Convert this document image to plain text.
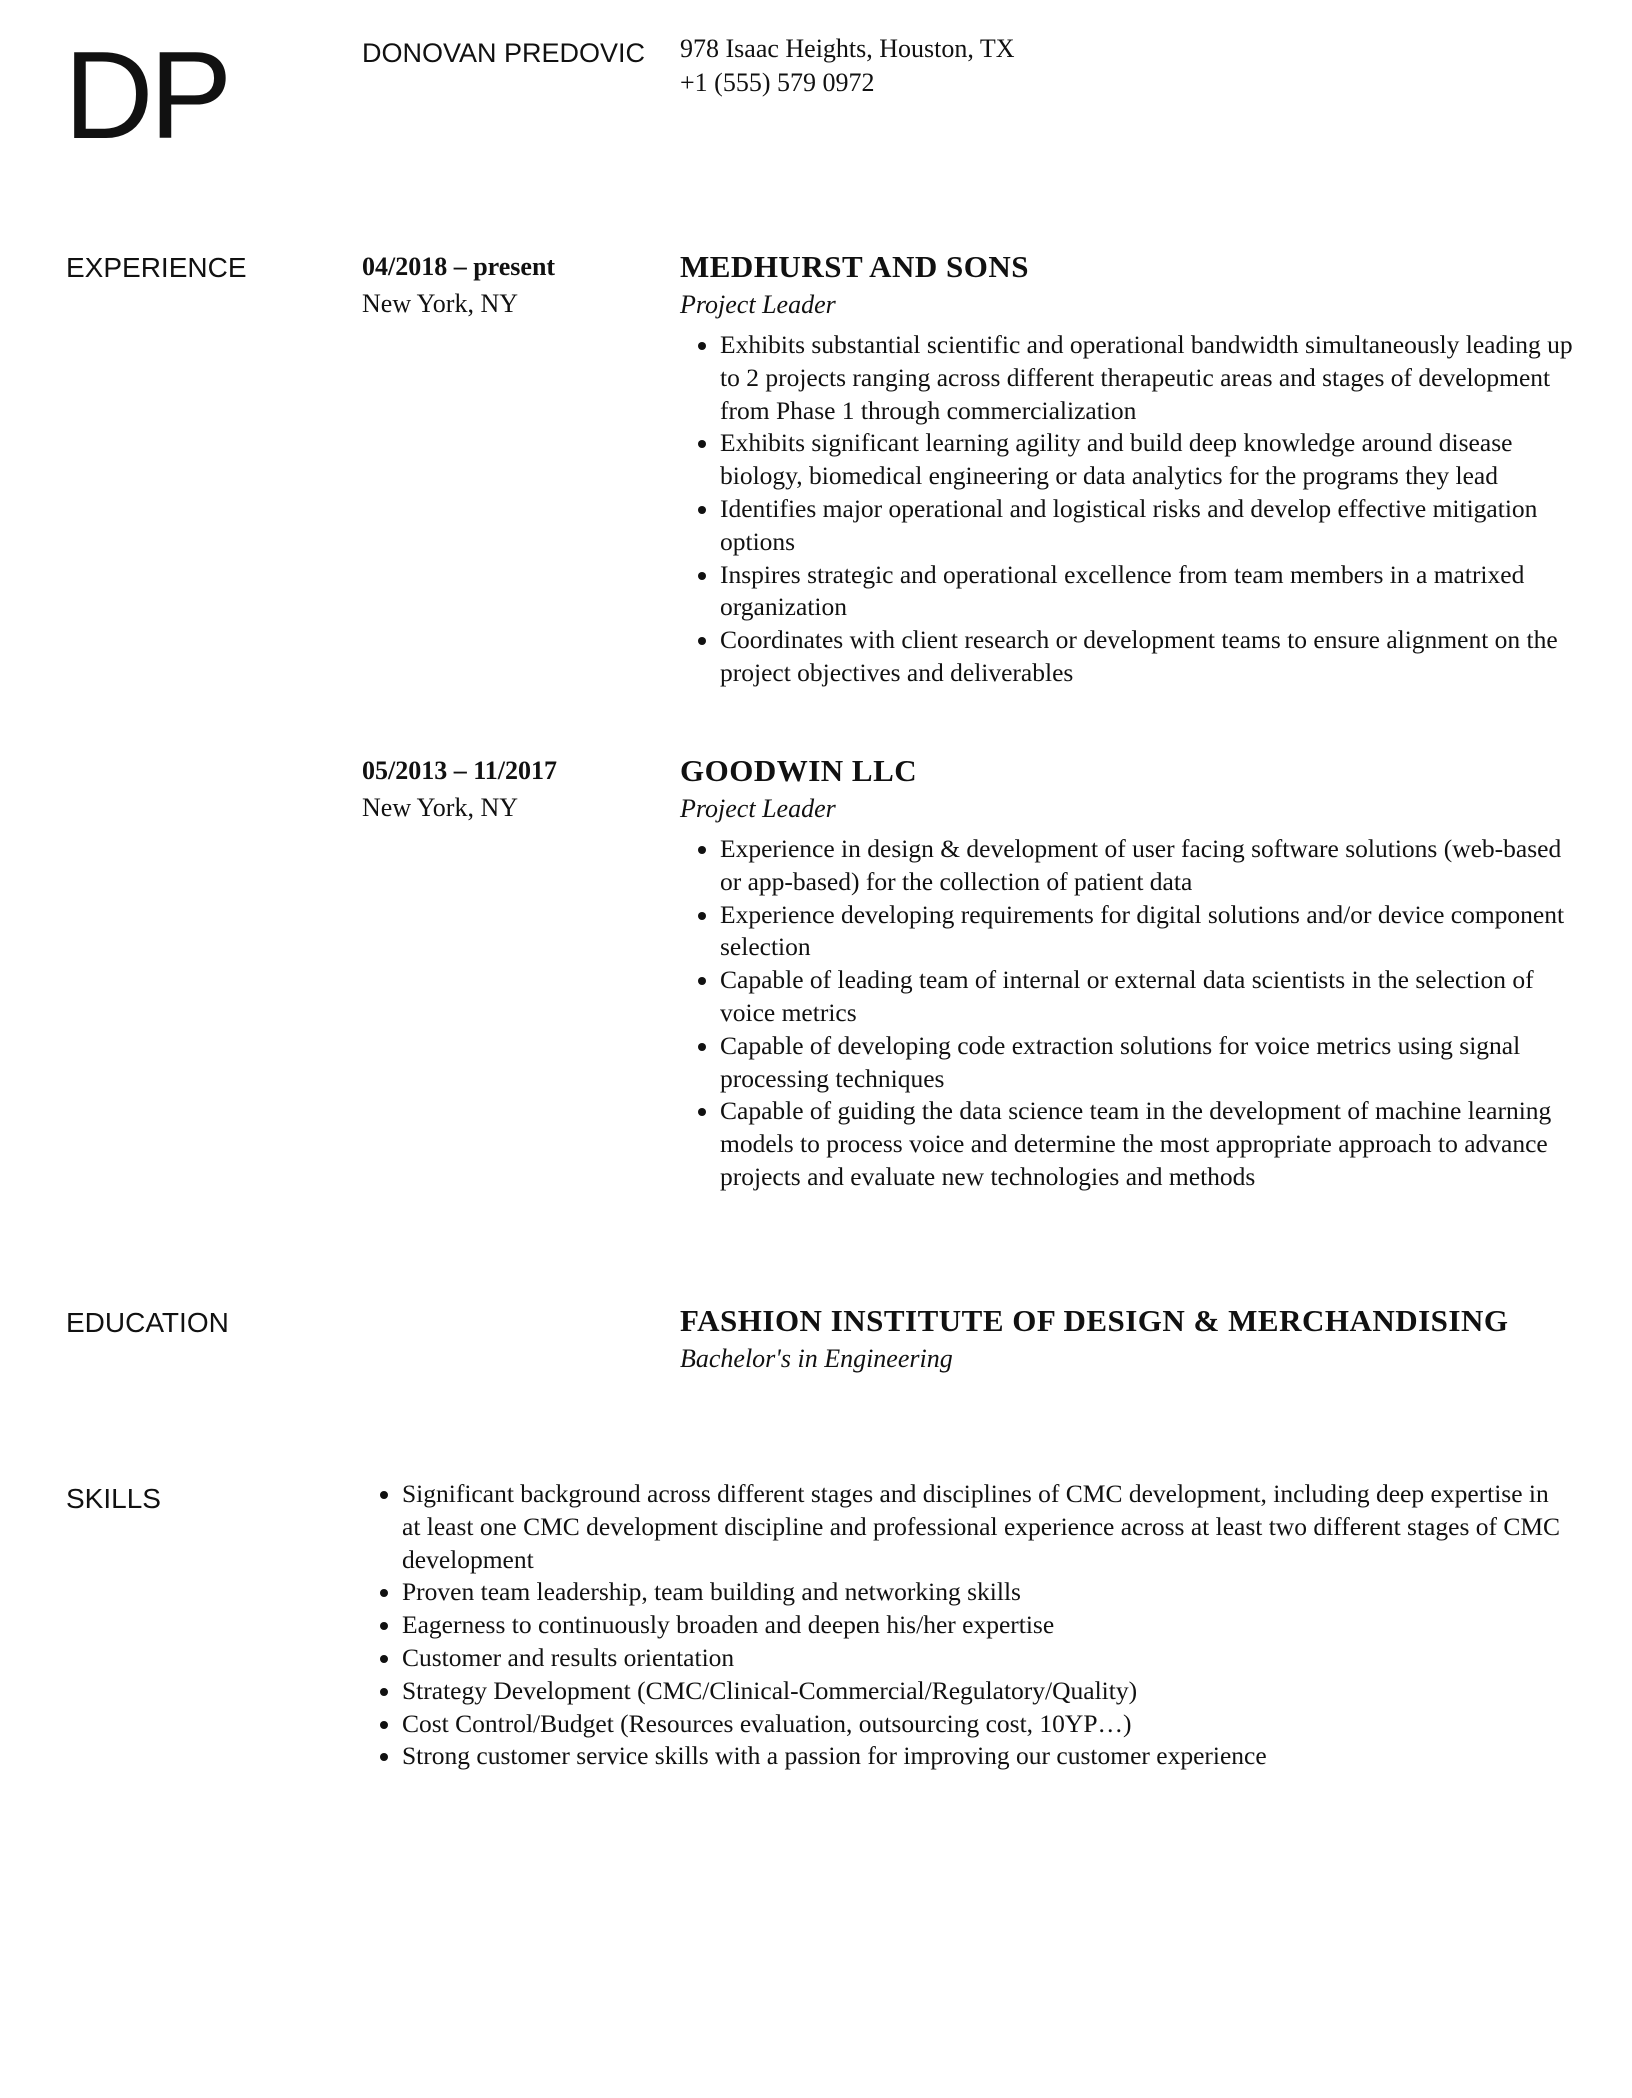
DP	DONOVAN PREDOVIC 978 Isaac Heights, Houston, TX
+1 (555) 579 0972
EXPERIENCE	04/2018 – present
New York, NY
MEDHURST AND SONS
Project Leader
• Exhibits substantial scientific and operational bandwidth simultaneously leading up to 2 projects ranging across different therapeutic areas and stages of development from Phase 1 through commercialization
• Exhibits significant learning agility and build deep knowledge around disease biology, biomedical engineering or data analytics for the programs they lead
• Identifies major operational and logistical risks and develop effective mitigation options
• Inspires strategic and operational excellence from team members in a matrixed organization
• Coordinates with client research or development teams to ensure alignment on the project objectives and deliverables
05/2013 – 11/2017
New York, NY
GOODWIN LLC
Project Leader
• Experience in design & development of user facing software solutions (web-based or app-based) for the collection of patient data
• Experience developing requirements for digital solutions and/or device component selection
• Capable of leading team of internal or external data scientists in the selection of voice metrics
• Capable of developing code extraction solutions for voice metrics using signal processing techniques
• Capable of guiding the data science team in the development of machine learning models to process voice and determine the most appropriate approach to advance projects and evaluate new technologies and methods
EDUCATION	FASHION INSTITUTE OF DESIGN & MERCHANDISING
Bachelor's in Engineering
SKILLS
•	Significant background across different stages and disciplines of CMC development, including deep expertise in at least one CMC development discipline and professional experience across at least two different stages of CMC development
• Proven team leadership, team building and networking skills
• Eagerness to continuously broaden and deepen his/her expertise
• Customer and results orientation
• Strategy Development (CMC/Clinical-Commercial/Regulatory/Quality)
• Cost Control/Budget (Resources evaluation, outsourcing cost, 10YP…)
• Strong customer service skills with a passion for improving our customer experience
